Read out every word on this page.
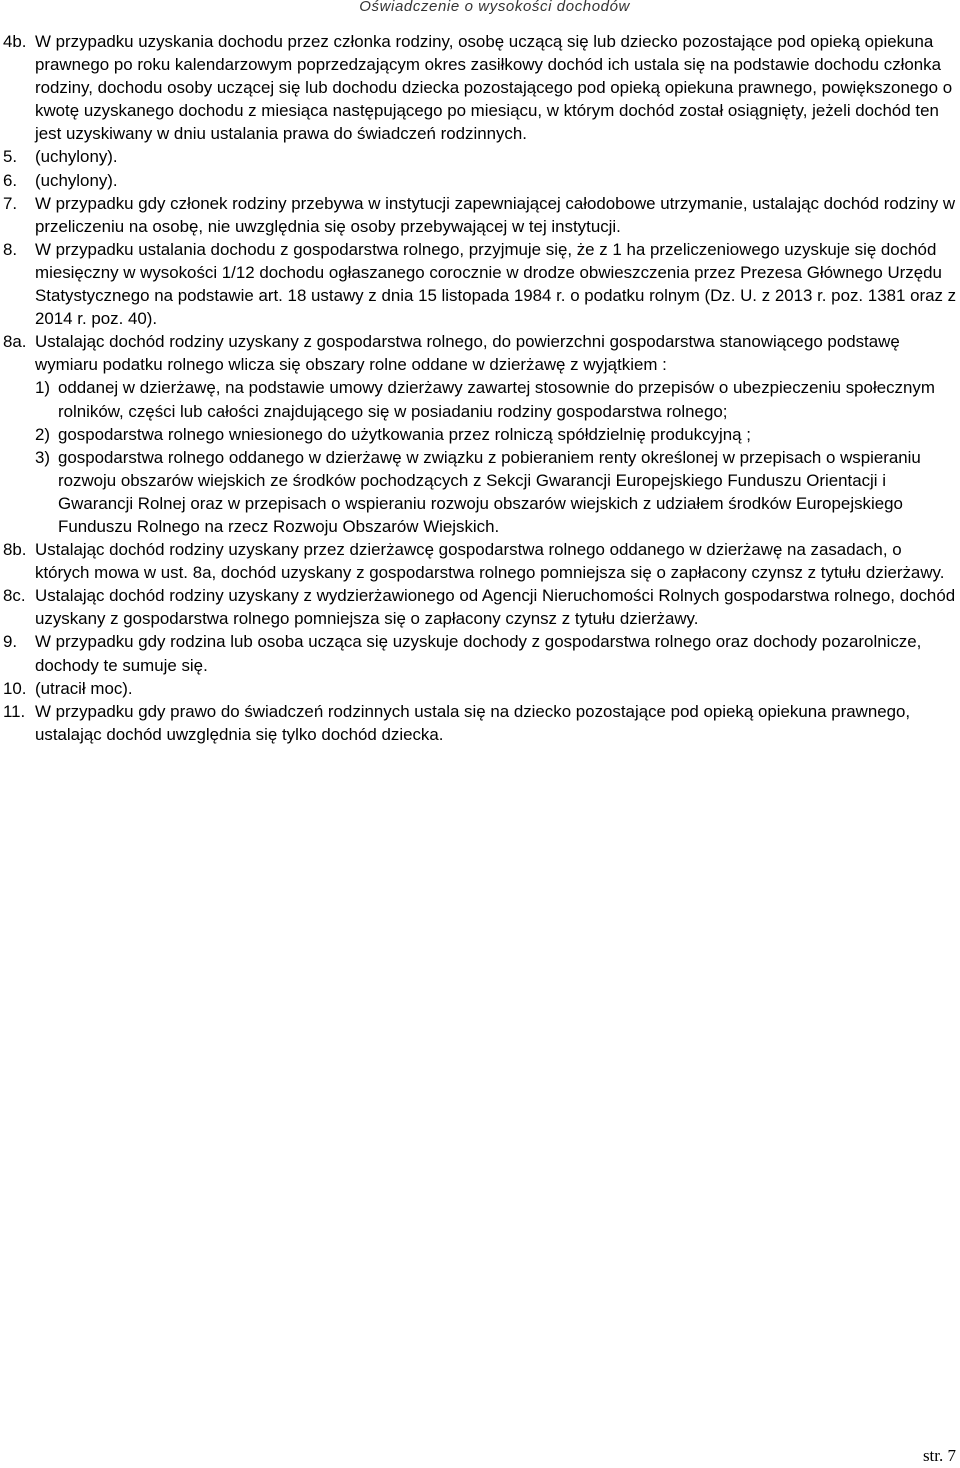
Oświadczenie o wysokości dochodów
4b. W przypadku uzyskania dochodu przez członka rodziny, osobę uczącą się lub dziecko pozostające pod opieką opiekuna prawnego po roku kalendarzowym poprzedzającym okres zasiłkowy dochód ich ustala się na podstawie dochodu członka rodziny, dochodu osoby uczącej się lub dochodu dziecka pozostającego pod opieką opiekuna prawnego, powiększonego o kwotę uzyskanego dochodu z miesiąca następującego po miesiącu, w którym dochód został osiągnięty, jeżeli dochód ten jest uzyskiwany w dniu ustalania prawa do świadczeń rodzinnych.
5. (uchylony).
6. (uchylony).
7. W przypadku gdy członek rodziny przebywa w instytucji zapewniającej całodobowe utrzymanie, ustalając dochód rodziny w przeliczeniu na osobę, nie uwzględnia się osoby przebywającej w tej instytucji.
8. W przypadku ustalania dochodu z gospodarstwa rolnego, przyjmuje się, że z 1 ha przeliczeniowego uzyskuje się dochód miesięczny w wysokości 1/12 dochodu ogłaszanego corocznie w drodze obwieszczenia przez Prezesa Głównego Urzędu Statystycznego na podstawie art. 18 ustawy z dnia 15 listopada 1984 r. o podatku rolnym (Dz. U. z 2013 r. poz. 1381 oraz z 2014 r. poz. 40).
8a. Ustalając dochód rodziny uzyskany z gospodarstwa rolnego, do powierzchni gospodarstwa stanowiącego podstawę wymiaru podatku rolnego wlicza się obszary rolne oddane w dzierżawę z wyjątkiem :
1) oddanej w dzierżawę, na podstawie umowy dzierżawy zawartej stosownie do przepisów o ubezpieczeniu społecznym rolników, części lub całości znajdującego się w posiadaniu rodziny gospodarstwa rolnego;
2) gospodarstwa rolnego wniesionego do użytkowania przez rolniczą spółdzielnię produkcyjną ;
3) gospodarstwa rolnego oddanego w dzierżawę w związku z pobieraniem renty określonej w przepisach o wspieraniu rozwoju obszarów wiejskich ze środków pochodzących z Sekcji Gwarancji Europejskiego Funduszu Orientacji i Gwarancji Rolnej oraz w przepisach o wspieraniu rozwoju obszarów wiejskich z udziałem środków Europejskiego Funduszu Rolnego na rzecz Rozwoju Obszarów Wiejskich.
8b. Ustalając dochód rodziny uzyskany przez dzierżawcę gospodarstwa rolnego oddanego w dzierżawę na zasadach, o których mowa w ust. 8a, dochód uzyskany z gospodarstwa rolnego pomniejsza się o zapłacony czynsz z tytułu dzierżawy.
8c. Ustalając dochód rodziny uzyskany z wydzierżawionego od Agencji Nieruchomości Rolnych gospodarstwa rolnego, dochód uzyskany z gospodarstwa rolnego pomniejsza się o zapłacony czynsz z tytułu dzierżawy.
9. W przypadku gdy rodzina lub osoba ucząca się uzyskuje dochody z gospodarstwa rolnego oraz dochody pozarolnicze, dochody te sumuje się.
10. (utracił moc).
11. W przypadku gdy prawo do świadczeń rodzinnych ustala się na dziecko pozostające pod opieką opiekuna prawnego, ustalając dochód uwzględnia się tylko dochód dziecka.
str. 7
